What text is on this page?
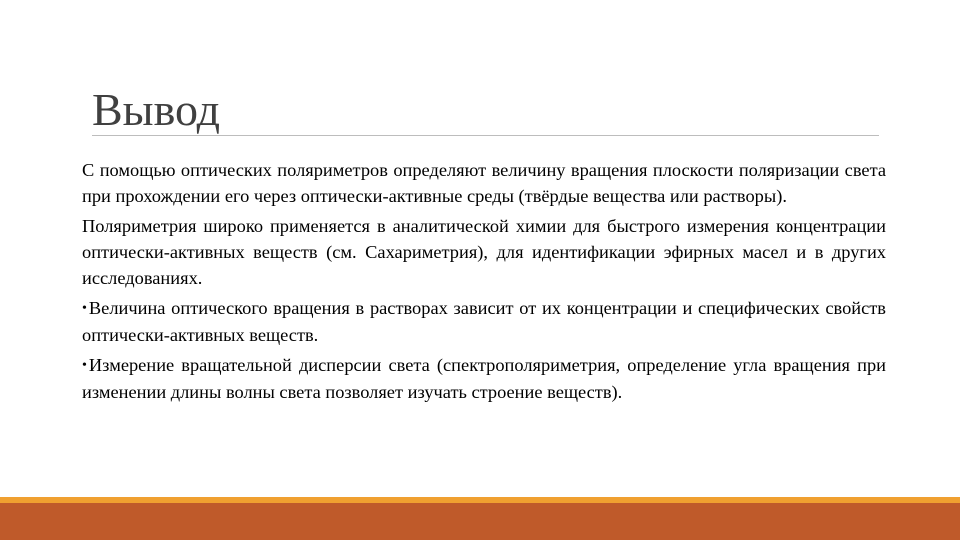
Вывод

С помощью оптических поляриметров определяют величину вращения плоскости поляризации света при прохождении его через оптически-активные среды (твёрдые вещества или растворы).

Поляриметрия широко применяется в аналитической химии для быстрого измерения концентрации оптически-активных веществ (см. Сахариметрия), для идентификации эфирных масел и в других исследованиях.

• Величина оптического вращения в растворах зависит от их концентрации и специфических свойств оптически-активных веществ.

• Измерение вращательной дисперсии света (спектрополяриметрия, определение угла вращения при изменении длины волны света позволяет изучать строение веществ).
